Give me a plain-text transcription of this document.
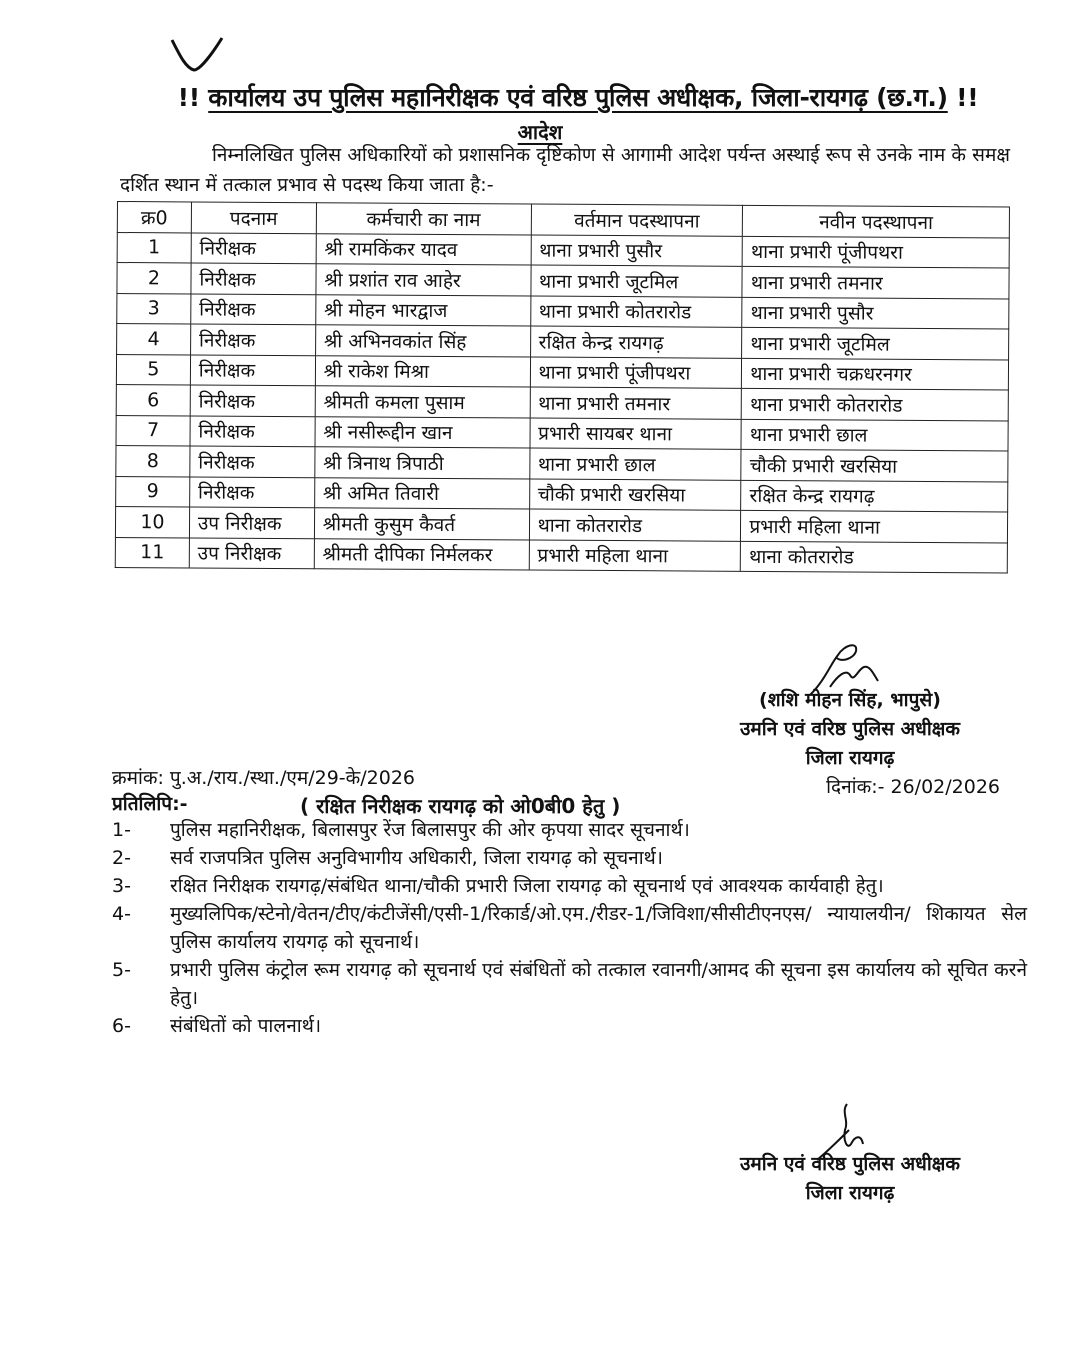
!! कार्यालय उप पुलिस महानिरीक्षक एवं वरिष्ठ पुलिस अधीक्षक, जिला-रायगढ़ (छ.ग.) !!
आदेश
निम्नलिखित पुलिस अधिकारियों को प्रशासनिक दृष्टिकोण से आगामी आदेश पर्यन्त अस्थाई रूप से उनके नाम के समक्ष दर्शित स्थान में तत्काल प्रभाव से पदस्थ किया जाता है:-
क्र0	पदनाम	कर्मचारी का नाम	वर्तमान पदस्थापना	नवीन पदस्थापना
1	निरीक्षक	श्री रामकिंकर यादव	थाना प्रभारी पुसौर	थाना प्रभारी पूंजीपथरा
2	निरीक्षक	श्री प्रशांत राव आहेर	थाना प्रभारी जूटमिल	थाना प्रभारी तमनार
3	निरीक्षक	श्री मोहन भारद्वाज	थाना प्रभारी कोतरारोड	थाना प्रभारी पुसौर
4	निरीक्षक	श्री अभिनवकांत सिंह	रक्षित केन्द्र रायगढ़	थाना प्रभारी जूटमिल
5	निरीक्षक	श्री राकेश मिश्रा	थाना प्रभारी पूंजीपथरा	थाना प्रभारी चक्रधरनगर
6	निरीक्षक	श्रीमती कमला पुसाम	थाना प्रभारी तमनार	थाना प्रभारी कोतरारोड
7	निरीक्षक	श्री नसीरूद्दीन खान	प्रभारी सायबर थाना	थाना प्रभारी छाल
8	निरीक्षक	श्री त्रिनाथ त्रिपाठी	थाना प्रभारी छाल	चौकी प्रभारी खरसिया
9	निरीक्षक	श्री अमित तिवारी	चौकी प्रभारी खरसिया	रक्षित केन्द्र रायगढ़
10	उप निरीक्षक	श्रीमती कुसुम कैवर्त	थाना कोतरारोड	प्रभारी महिला थाना
11	उप निरीक्षक	श्रीमती दीपिका निर्मलकर	प्रभारी महिला थाना	थाना कोतरारोड
(शशि मोहन सिंह, भापुसे)
उमनि एवं वरिष्ठ पुलिस अधीक्षक
जिला रायगढ़
दिनांक:- 26/02/2026
क्रमांक: पु.अ./राय./स्था./एम/29-के/2026
प्रतिलिपि:-	( रक्षित निरीक्षक रायगढ़ को ओ0बी0 हेतु )
1-	पुलिस महानिरीक्षक, बिलासपुर रेंज बिलासपुर की ओर कृपया सादर सूचनार्थ।
2-	सर्व राजपत्रित पुलिस अनुविभागीय अधिकारी, जिला रायगढ़ को सूचनार्थ।
3-	रक्षित निरीक्षक रायगढ़/संबंधित थाना/चौकी प्रभारी जिला रायगढ़ को सूचनार्थ एवं आवश्यक कार्यवाही हेतु।
4-	मुख्यलिपिक/स्टेनो/वेतन/टीए/कंटीजेंसी/एसी-1/रिकार्ड/ओ.एम./रीडर-1/जिविशा/सीसीटीएनएस/ न्यायालयीन/ शिकायत सेल पुलिस कार्यालय रायगढ़ को सूचनार्थ।
5-	प्रभारी पुलिस कंट्रोल रूम रायगढ़ को सूचनार्थ एवं संबंधितों को तत्काल रवानगी/आमद की सूचना इस कार्यालय को सूचित करने हेतु।
6-	संबंधितों को पालनार्थ।
उमनि एवं वरिष्ठ पुलिस अधीक्षक
जिला रायगढ़
